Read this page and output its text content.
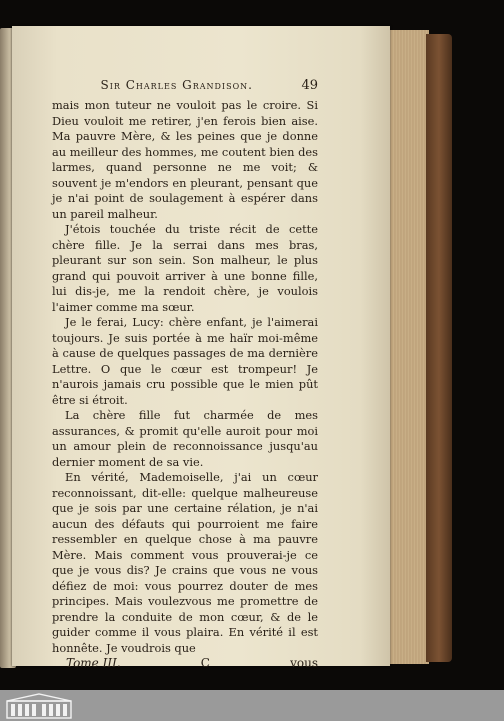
Sir Charles Grandison.	49

mais mon tuteur ne vouloit pas le croire. Si Dieu vouloit me retirer, j'en ferois bien aise. Ma pauvre Mère, & les peines que je donne au meilleur des hommes, me coutent bien des larmes, quand personne ne me voit; & souvent je m'endors en pleurant, pensant que je n'ai point de soulagement à espérer dans un pareil malheur.

J'étois touchée du triste récit de cette chère fille. Je la serrai dans mes bras, pleurant sur son sein. Son malheur, le plus grand qui pouvoit arriver à une bonne fille, lui dis-je, me la rendoit chère, je voulois l'aimer comme ma sœur.

Je le ferai, Lucy: chère enfant, je l'aimerai toujours. Je suis portée à me haïr moi-même à cause de quelques passages de ma dernière Lettre. O que le cœur est trompeur! Je n'aurois jamais cru possible que le mien pût être si étroit.

La chère fille fut charmée de mes assurances, & promit qu'elle auroit pour moi un amour plein de reconnoissance jusqu'au dernier moment de sa vie.

En vérité, Mademoiselle, j'ai un cœur reconnoissant, dit-elle: quelque malheureuse que je sois par une certaine rélation, je n'ai aucun des défauts qui pourroient me faire ressembler en quelque chose à ma pauvre Mère. Mais comment vous prouverai-je ce que je vous dis? Je crains que vous ne vous défiez de moi: vous pourrez douter de mes principes. Mais voulezvous me promettre de prendre la conduite de mon cœur, & de le guider comme il vous plaira. En vérité il est honnête. Je voudrois que

Tome III.	C	vous
